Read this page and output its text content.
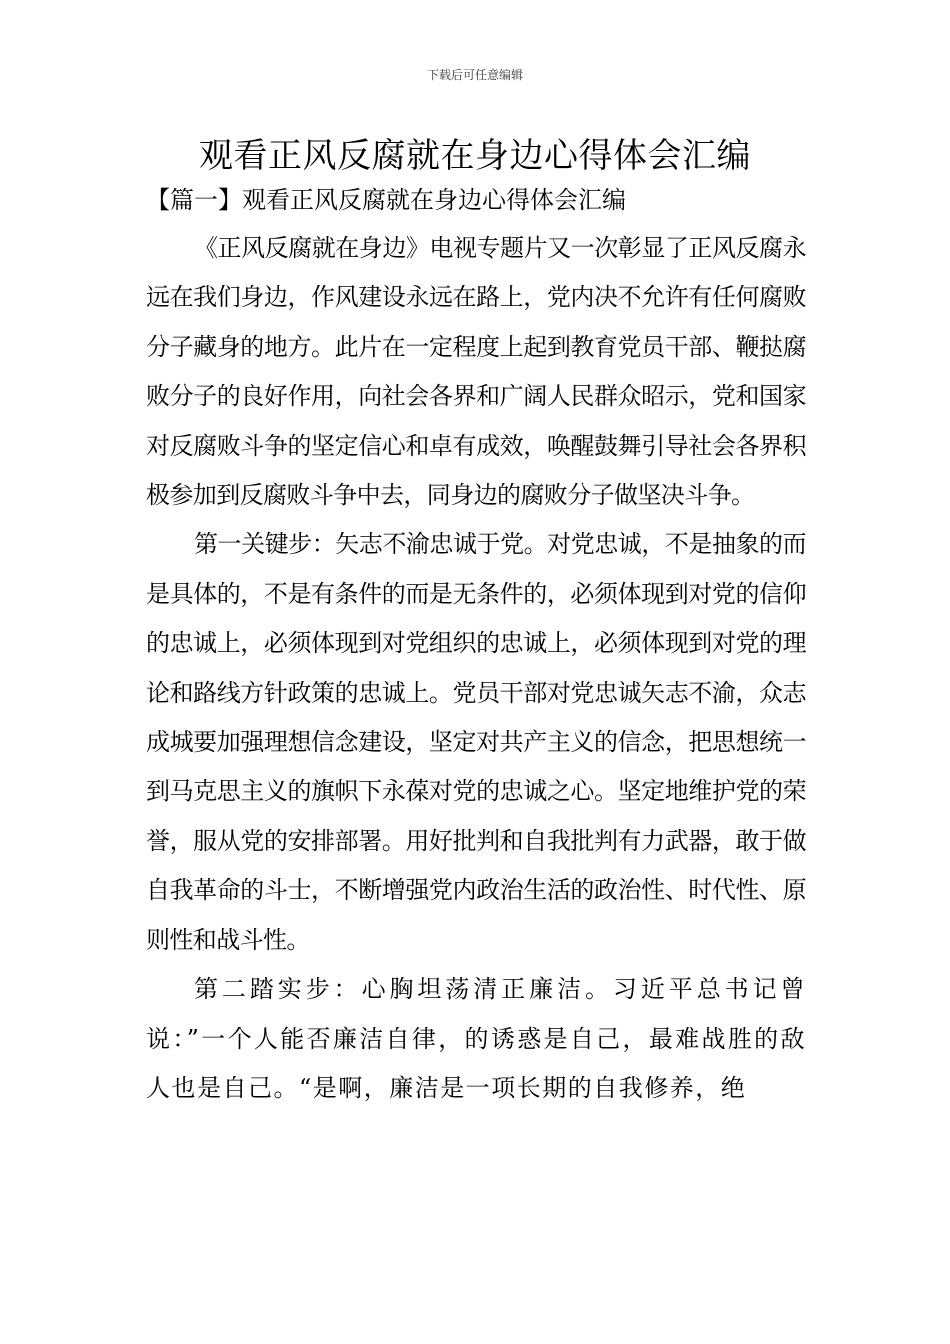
下载后可任意编辑
观看正风反腐就在身边心得体会汇编
【篇一】观看正风反腐就在身边心得体会汇编

《正风反腐就在身边》电视专题片又一次彰显了正风反腐永远在我们身边，作风建设永远在路上，党内决不允许有任何腐败分子藏身的地方。此片在一定程度上起到教育党员干部、鞭挞腐败分子的良好作用，向社会各界和广阔人民群众昭示，党和国家对反腐败斗争的坚定信心和卓有成效，唤醒鼓舞引导社会各界积极参加到反腐败斗争中去，同身边的腐败分子做坚决斗争。

第一关键步：矢志不渝忠诚于党。对党忠诚，不是抽象的而是具体的，不是有条件的而是无条件的，必须体现到对党的信仰的忠诚上，必须体现到对党组织的忠诚上，必须体现到对党的理论和路线方针政策的忠诚上。党员干部对党忠诚矢志不渝，众志成城要加强理想信念建设，坚定对共产主义的信念，把思想统一到马克思主义的旗帜下永葆对党的忠诚之心。坚定地维护党的荣誉，服从党的安排部署。用好批判和自我批判有力武器，敢于做自我革命的斗士，不断增强党内政治生活的政治性、时代性、原则性和战斗性。

第二踏实步：心胸坦荡清正廉洁。习近平总书记曾说：”一个人能否廉洁自律，的诱惑是自己，最难战胜的敌人也是自己。“是啊，廉洁是一项长期的自我修养，绝
